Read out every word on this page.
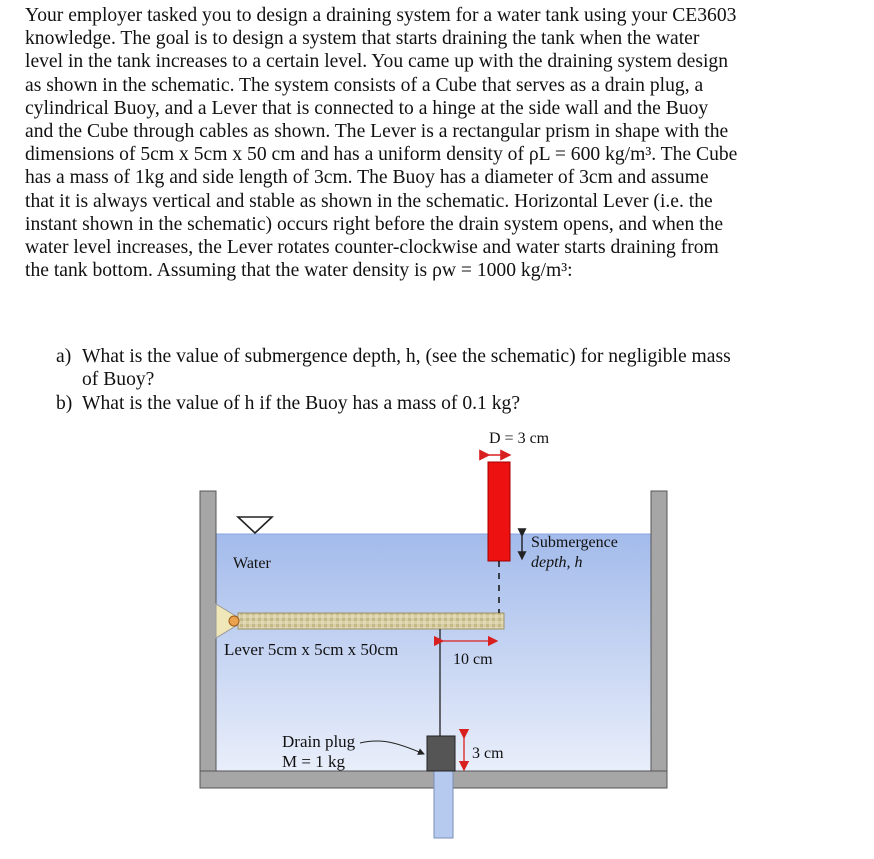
Your employer tasked you to design a draining system for a water tank using your CE3603

knowledge. The goal is to design a system that starts draining the tank when the water

level in the tank increases to a certain level. You came up with the draining system design

as shown in the schematic. The system consists of a Cube that serves as a drain plug, a

cylindrical Buoy, and a Lever that is connected to a hinge at the side wall and the Buoy

and the Cube through cables as shown. The Lever is a rectangular prism in shape with the

dimensions of 5cm x 5cm x 50 cm and has a uniform density of ρL = 600 kg/m³. The Cube

has a mass of 1kg and side length of 3cm. The Buoy has a diameter of 3cm and assume

that it is always vertical and stable as shown in the schematic. Horizontal Lever (i.e. the

instant shown in the schematic) occurs right before the drain system opens, and when the

water level increases, the Lever rotates counter-clockwise and water starts draining from

the tank bottom. Assuming that the water density is ρw = 1000 kg/m³:

a) What is the value of submergence depth, h, (see the schematic) for negligible mass
of Buoy?
b) What is the value of h if the Buoy has a mass of 0.1 kg?
D = 3 cm
Water
Submergence
depth, h
Lever 5cm x 5cm x 50cm
10 cm
Drain plug
M = 1 kg	3 cm
